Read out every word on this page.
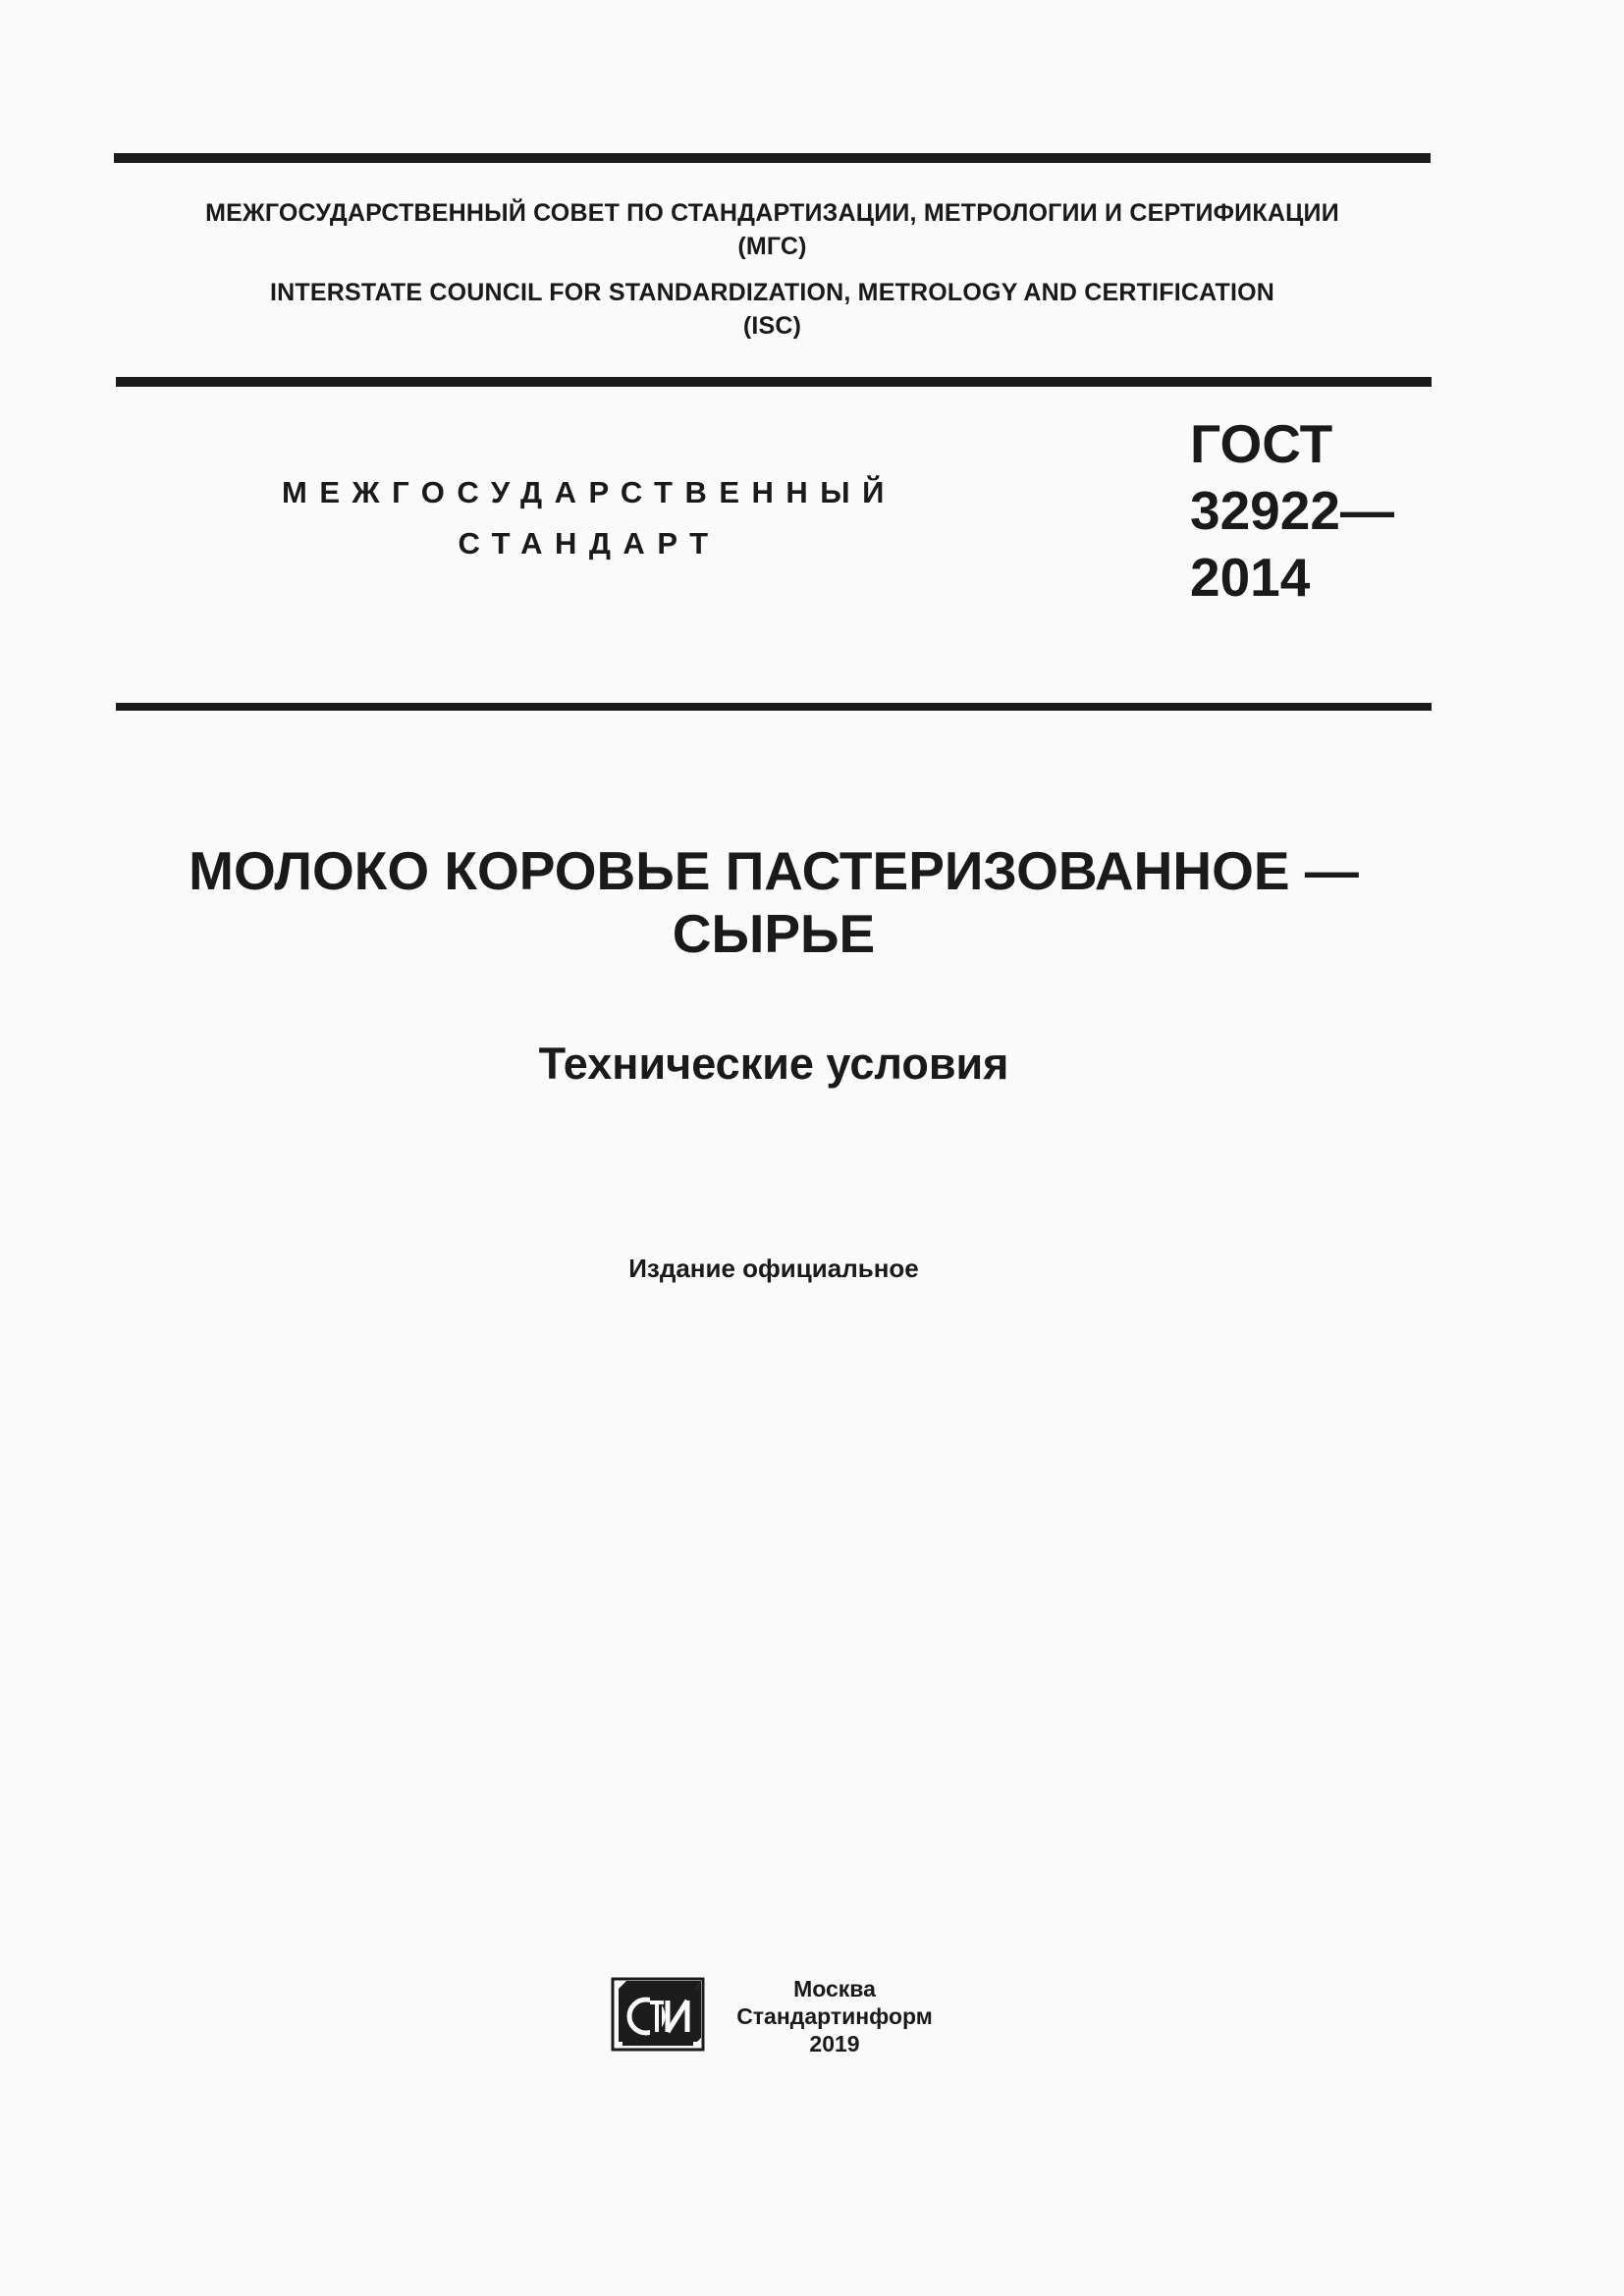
МЕЖГОСУДАРСТВЕННЫЙ СОВЕТ ПО СТАНДАРТИЗАЦИИ, МЕТРОЛОГИИ И СЕРТИФИКАЦИИ
(МГС)
INTERSTATE COUNCIL FOR STANDARDIZATION, METROLOGY AND CERTIFICATION
(ISC)
МЕЖГОСУДАРСТВЕННЫЙ
СТАНДАРТ
ГОСТ
32922—
2014
МОЛОКО КОРОВЬЕ ПАСТЕРИЗОВАННОЕ —
СЫРЬЕ
Технические условия
Издание официальное
Москва
Стандартинформ
2019
